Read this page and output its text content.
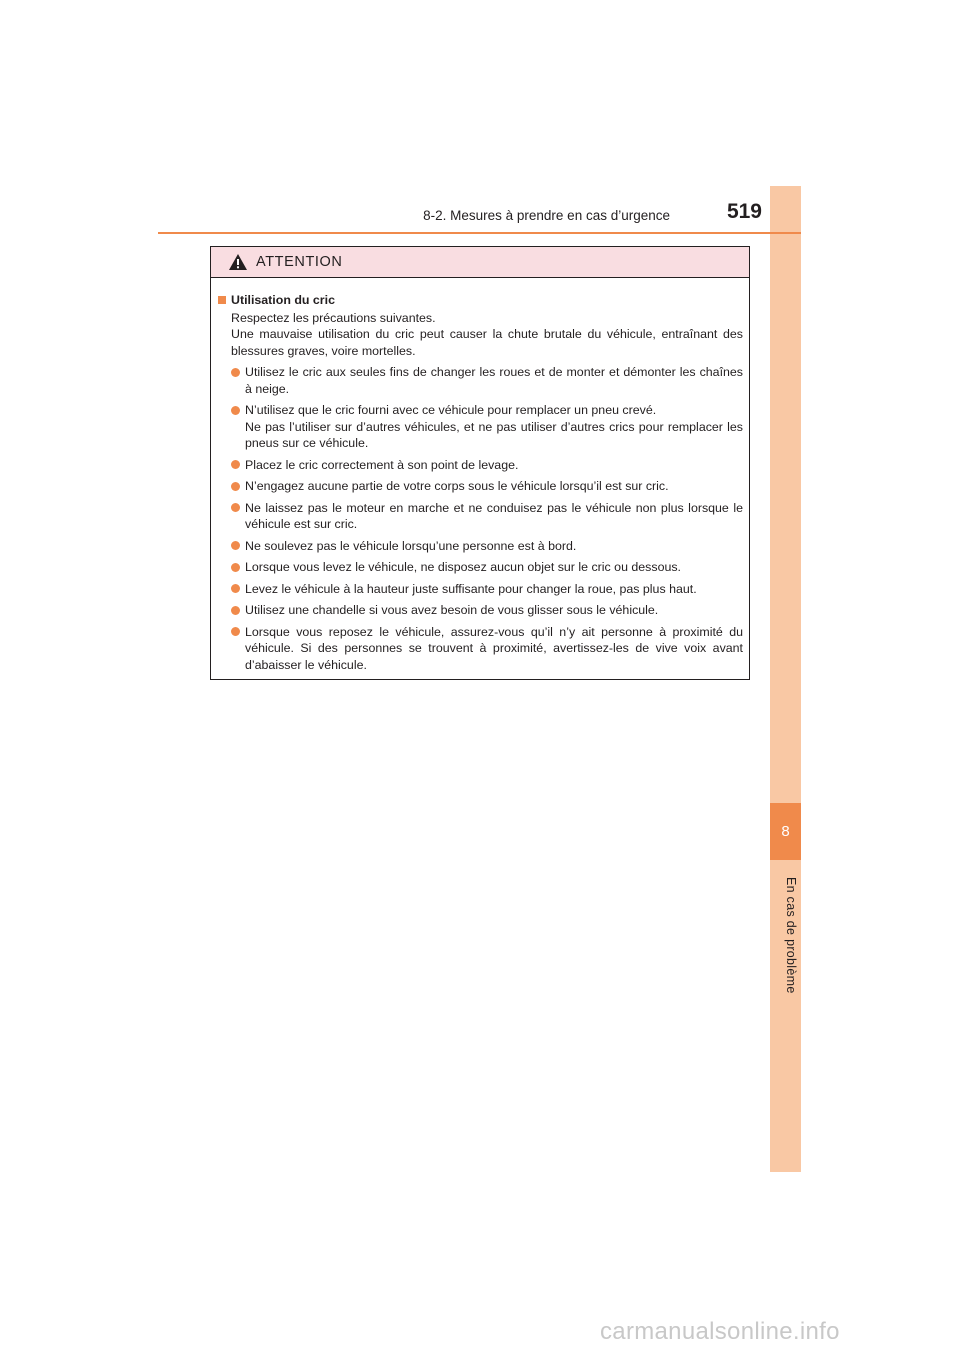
8
En cas de problème
8-2. Mesures à prendre en cas d’urgence	519
ATTENTION
Utilisation du cric
Respectez les précautions suivantes.
Une mauvaise utilisation du cric peut causer la chute brutale du véhicule, entraînant des blessures graves, voire mortelles.
Utilisez le cric aux seules fins de changer les roues et de monter et démonter les chaînes à neige.
N’utilisez que le cric fourni avec ce véhicule pour remplacer un pneu crevé.
Ne pas l’utiliser sur d’autres véhicules, et ne pas utiliser d’autres crics pour remplacer les pneus sur ce véhicule.
Placez le cric correctement à son point de levage.
N’engagez aucune partie de votre corps sous le véhicule lorsqu’il est sur cric.
Ne laissez pas le moteur en marche et ne conduisez pas le véhicule non plus lorsque le véhicule est sur cric.
Ne soulevez pas le véhicule lorsqu’une personne est à bord.
Lorsque vous levez le véhicule, ne disposez aucun objet sur le cric ou dessous.
Levez le véhicule à la hauteur juste suffisante pour changer la roue, pas plus haut.
Utilisez une chandelle si vous avez besoin de vous glisser sous le véhicule.
Lorsque vous reposez le véhicule, assurez-vous qu’il n’y ait personne à proximité du véhicule. Si des personnes se trouvent à proximité, avertissez-les de vive voix avant d’abaisser le véhicule.
carmanualsonline.info
